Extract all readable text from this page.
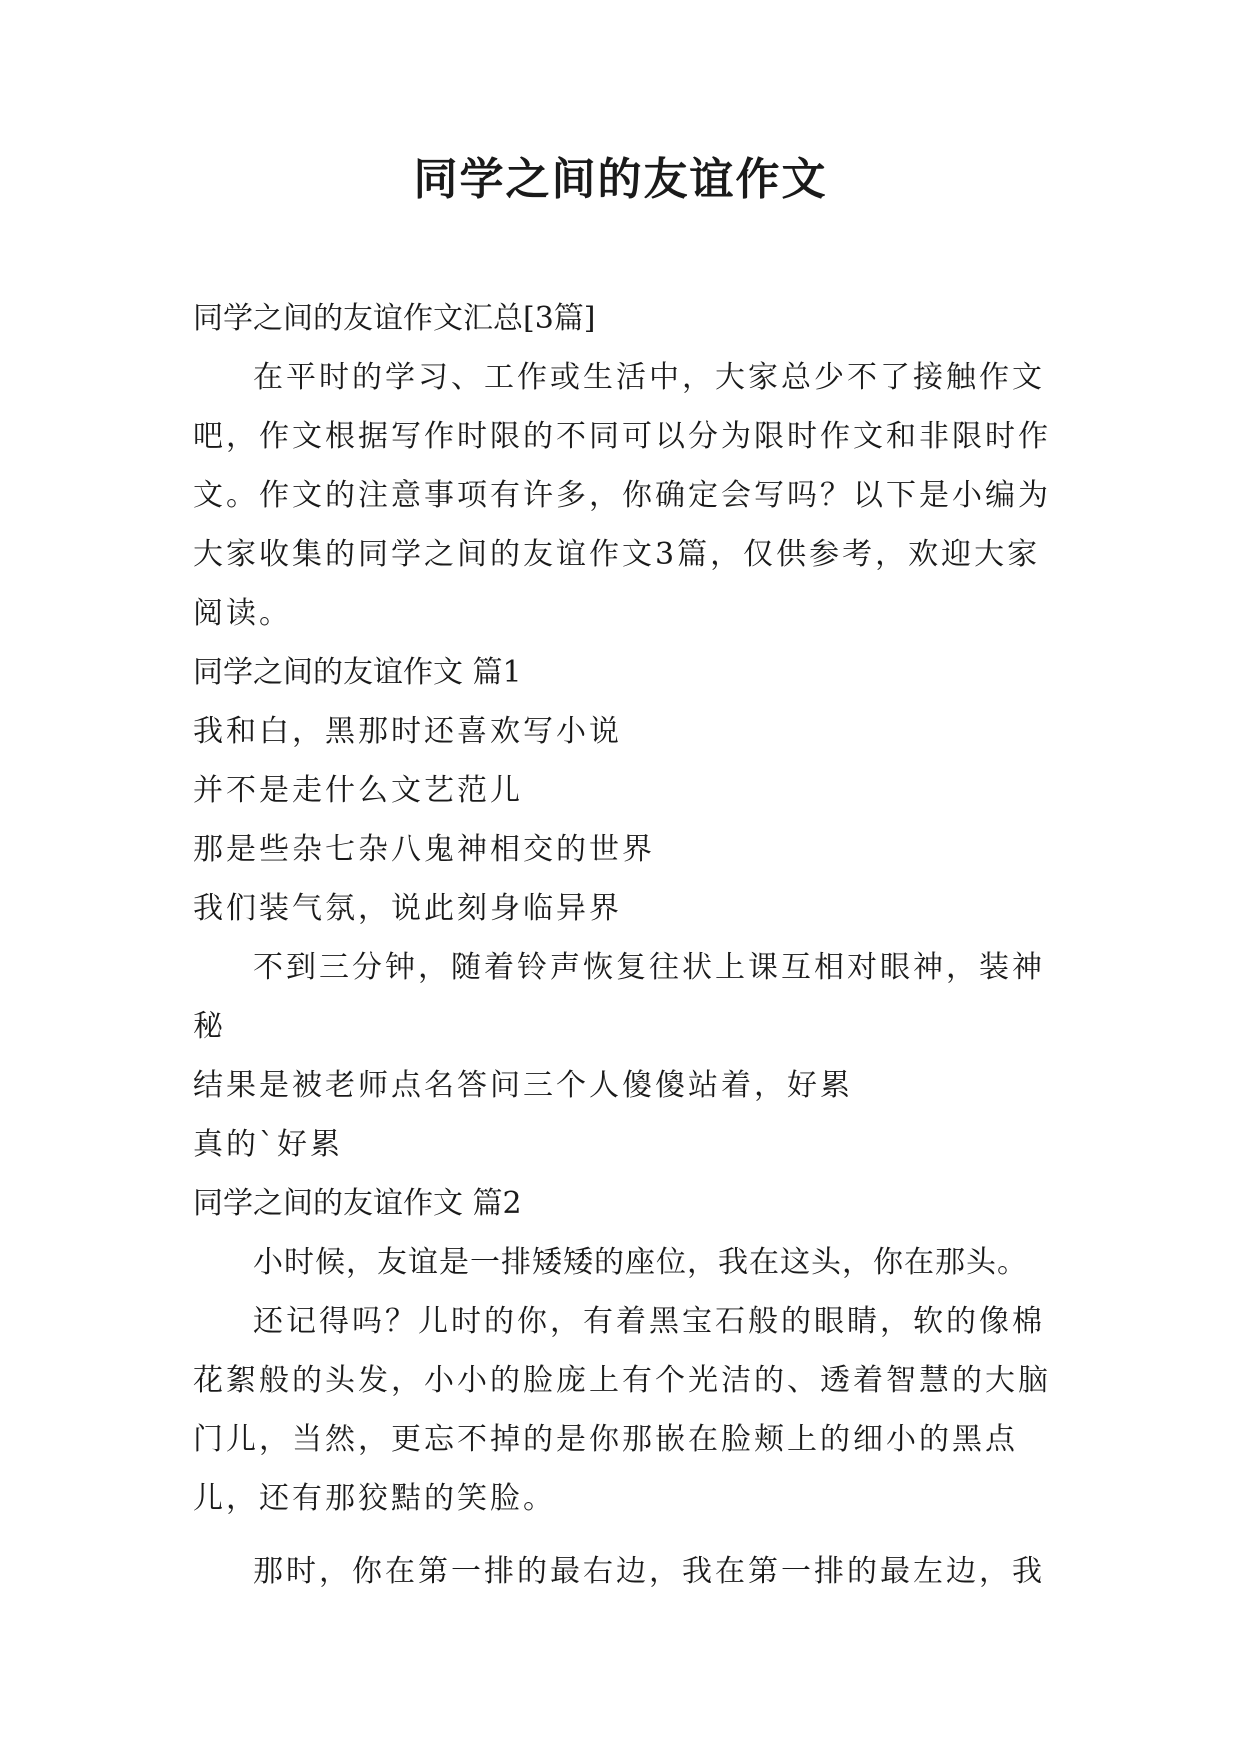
同学之间的友谊作文

同学之间的友谊作文汇总[3篇]

在平时的学习、工作或生活中，大家总少不了接触作文吧，作文根据写作时限的不同可以分为限时作文和非限时作文。作文的注意事项有许多，你确定会写吗？以下是小编为大家收集的同学之间的友谊作文3篇，仅供参考，欢迎大家阅读。

同学之间的友谊作文 篇1

我和白，黑那时还喜欢写小说

并不是走什么文艺范儿

那是些杂七杂八鬼神相交的世界

我们装气氛，说此刻身临异界

不到三分钟，随着铃声恢复往状上课互相对眼神，装神秘

结果是被老师点名答问三个人傻傻站着，好累

真的`好累

同学之间的友谊作文 篇2

小时候，友谊是一排矮矮的座位，我在这头，你在那头。

还记得吗？儿时的你，有着黑宝石般的眼睛，软的像棉花絮般的头发，小小的脸庞上有个光洁的、透着智慧的大脑门儿，当然，更忘不掉的是你那嵌在脸颊上的细小的黑点儿，还有那狡黠的笑脸。

那时，你在第一排的最右边，我在第一排的最左边，我
